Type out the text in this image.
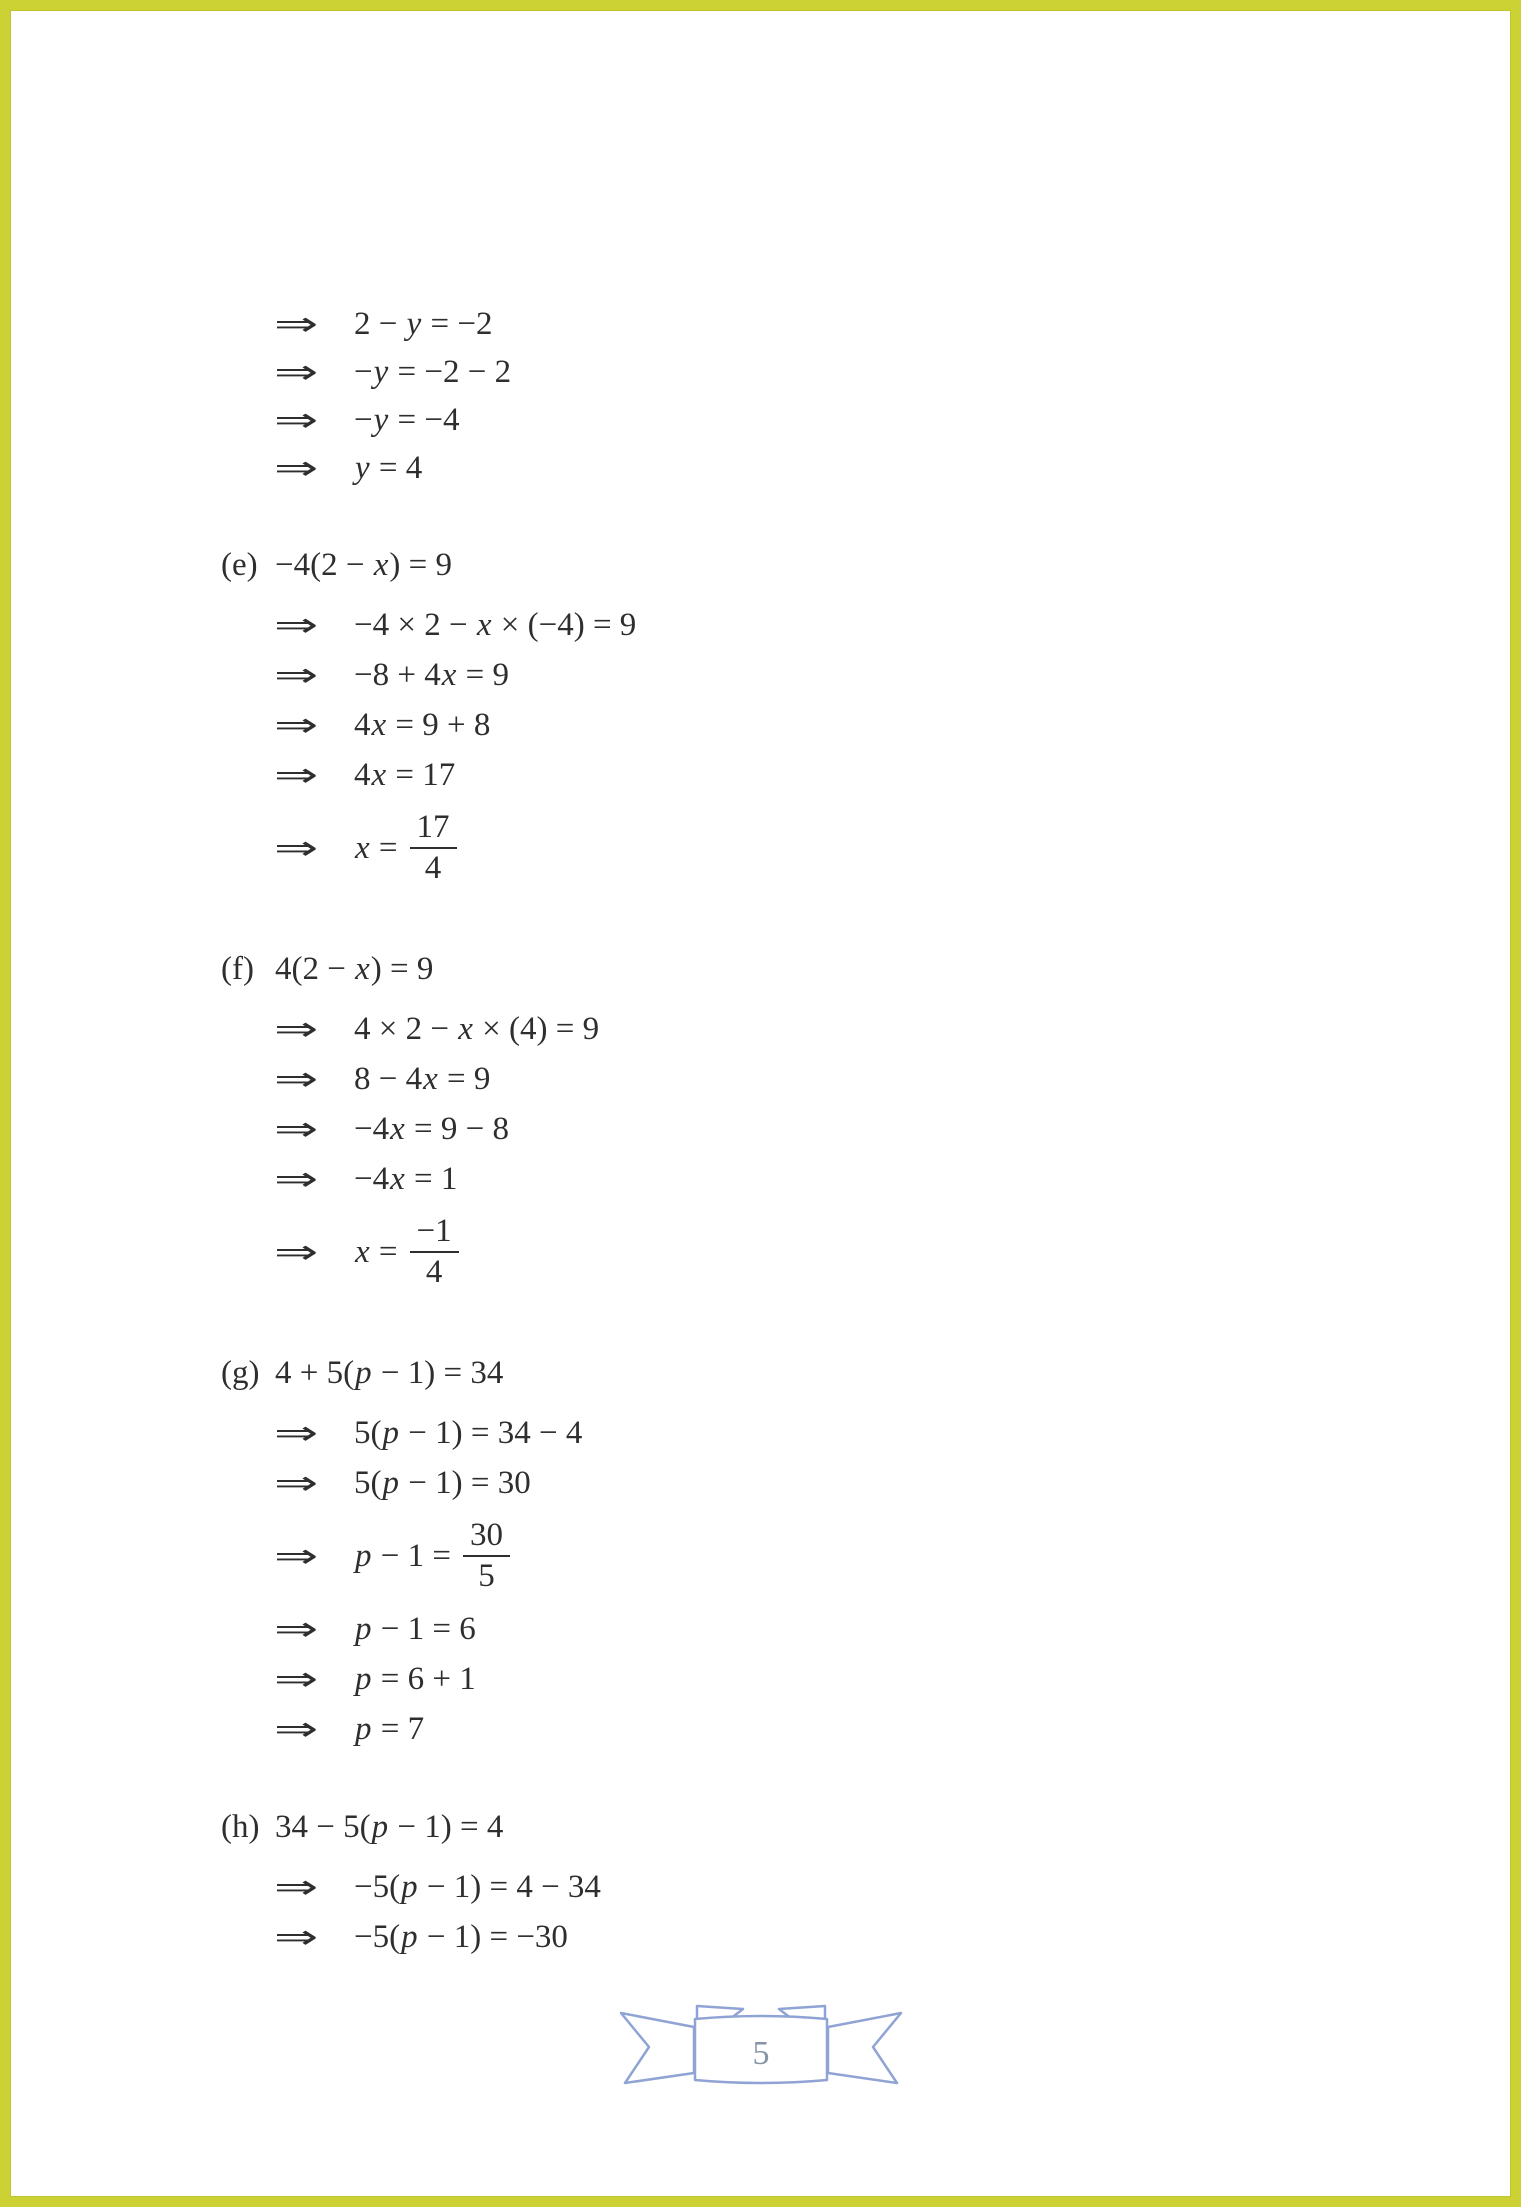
⇒	2 − y = −2
⇒	−y = −2 − 2
⇒	−y = −4
⇒	y = 4
(e) −4(2 − x) = 9
⇒	−4 × 2 − x × (−4) = 9
⇒	−8 + 4x = 9
⇒	4x = 9 + 8
⇒	4x = 17
⇒	$x = \frac{17}{4}$
(f) 4(2 − x) = 9
⇒	4 × 2 − x × (4) = 9
⇒	8 − 4x = 9
⇒	−4x = 9 − 8
⇒	−4x = 1
⇒	$x = \frac{-1}{4}$
(g) 4 + 5(p − 1) = 34
⇒	5(p − 1) = 34 − 4
⇒	5(p − 1) = 30
⇒	$p - 1 = \frac{30}{5}$
⇒	p − 1 = 6
⇒	p = 6 + 1
⇒	p = 7
(h) 34 − 5(p − 1) = 4
⇒	−5(p − 1) = 4 − 34
⇒	−5(p − 1) = −30
5
